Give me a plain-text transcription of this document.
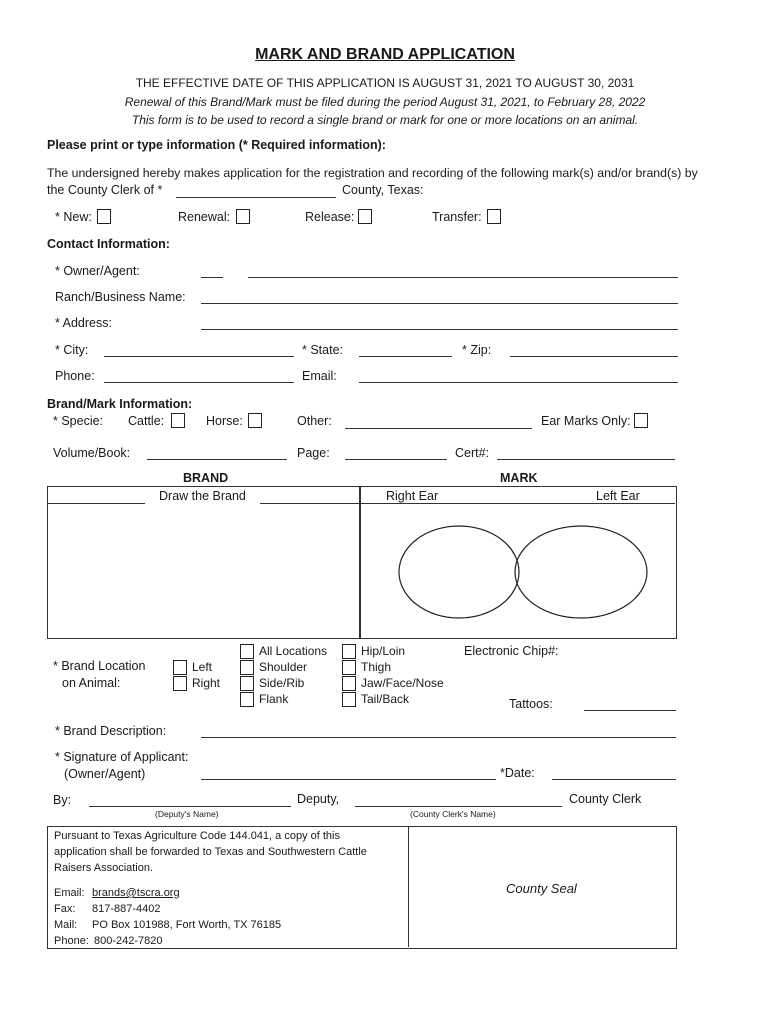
MARK AND BRAND APPLICATION
THE EFFECTIVE DATE OF THIS APPLICATION IS AUGUST 31, 2021 TO AUGUST 30, 2031
Renewal of this Brand/Mark must be filed during the period August 31, 2021, to February 28, 2022
This form is to be used to record a single brand or mark for one or more locations on an animal.
Please print or type information (* Required information):
The undersigned hereby makes application for the registration and recording of the following mark(s) and/or brand(s) by
the County Clerk of *	County, Texas:
* New:	Renewal:	Release:	Transfer:
Contact Information:
* Owner/Agent:
Ranch/Business Name:
* Address:
* City:	* State:	* Zip:
Phone:	Email:
Brand/Mark Information:
* Specie: Cattle:	Horse:	Other:	Ear Marks Only:
Volume/Book:	Page:	Cert#:
BRAND	MARK
Draw the Brand	Right Ear	Left Ear
* Brand Location
on Animal:
Left
Right
All Locations
Shoulder
Side/Rib
Flank
Hip/Loin
Thigh
Jaw/Face/Nose
Tail/Back
Electronic Chip#:
Tattoos:
* Brand Description:
* Signature of Applicant:
(Owner/Agent)	*Date:
By:	Deputy,	County Clerk
(Deputy's Name)	(County Clerk's Name)
Pursuant to Texas Agriculture Code 144.041, a copy of this
application shall be forwarded to Texas and Southwestern Cattle
Raisers Association.
Email: brands@tscra.org
Fax: 817-887-4402
Mail: PO Box 101988, Fort Worth, TX 76185
Phone: 800-242-7820
County Seal
